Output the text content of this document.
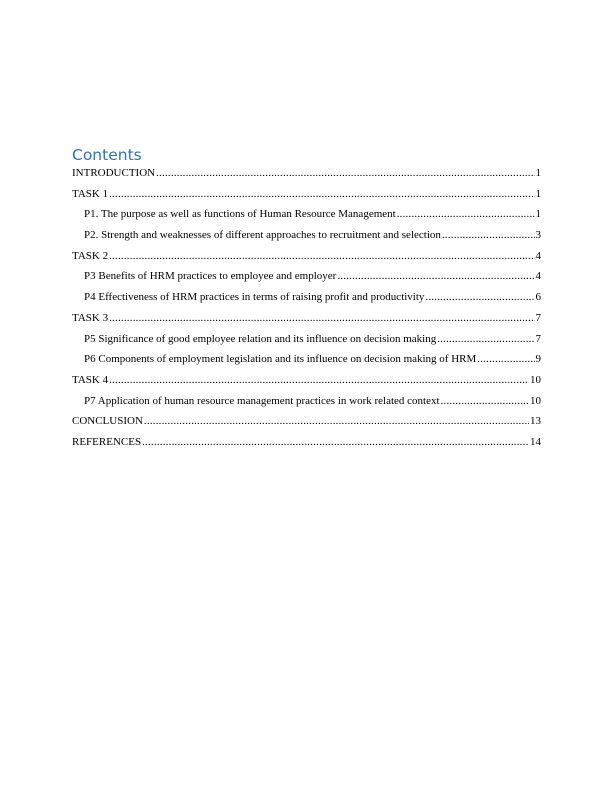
Contents
INTRODUCTION .....	1
TASK 1 .....	1
P1. The purpose as well as functions of Human Resource Management .....	1
P2. Strength and weaknesses of different approaches to recruitment and selection .....	3
TASK 2 .....	4
P3 Benefits of HRM practices to employee and employer .....	4
P4 Effectiveness of HRM practices in terms of raising profit and productivity .....	6
TASK 3 .....	7
P5 Significance of good employee relation and its influence on decision making .....	7
P6 Components of employment legislation and its influence on decision making of HRM .....	9
TASK 4 .....	10
P7 Application of human resource management practices in work related context .....	10
CONCLUSION .....	13
REFERENCES .....	14
